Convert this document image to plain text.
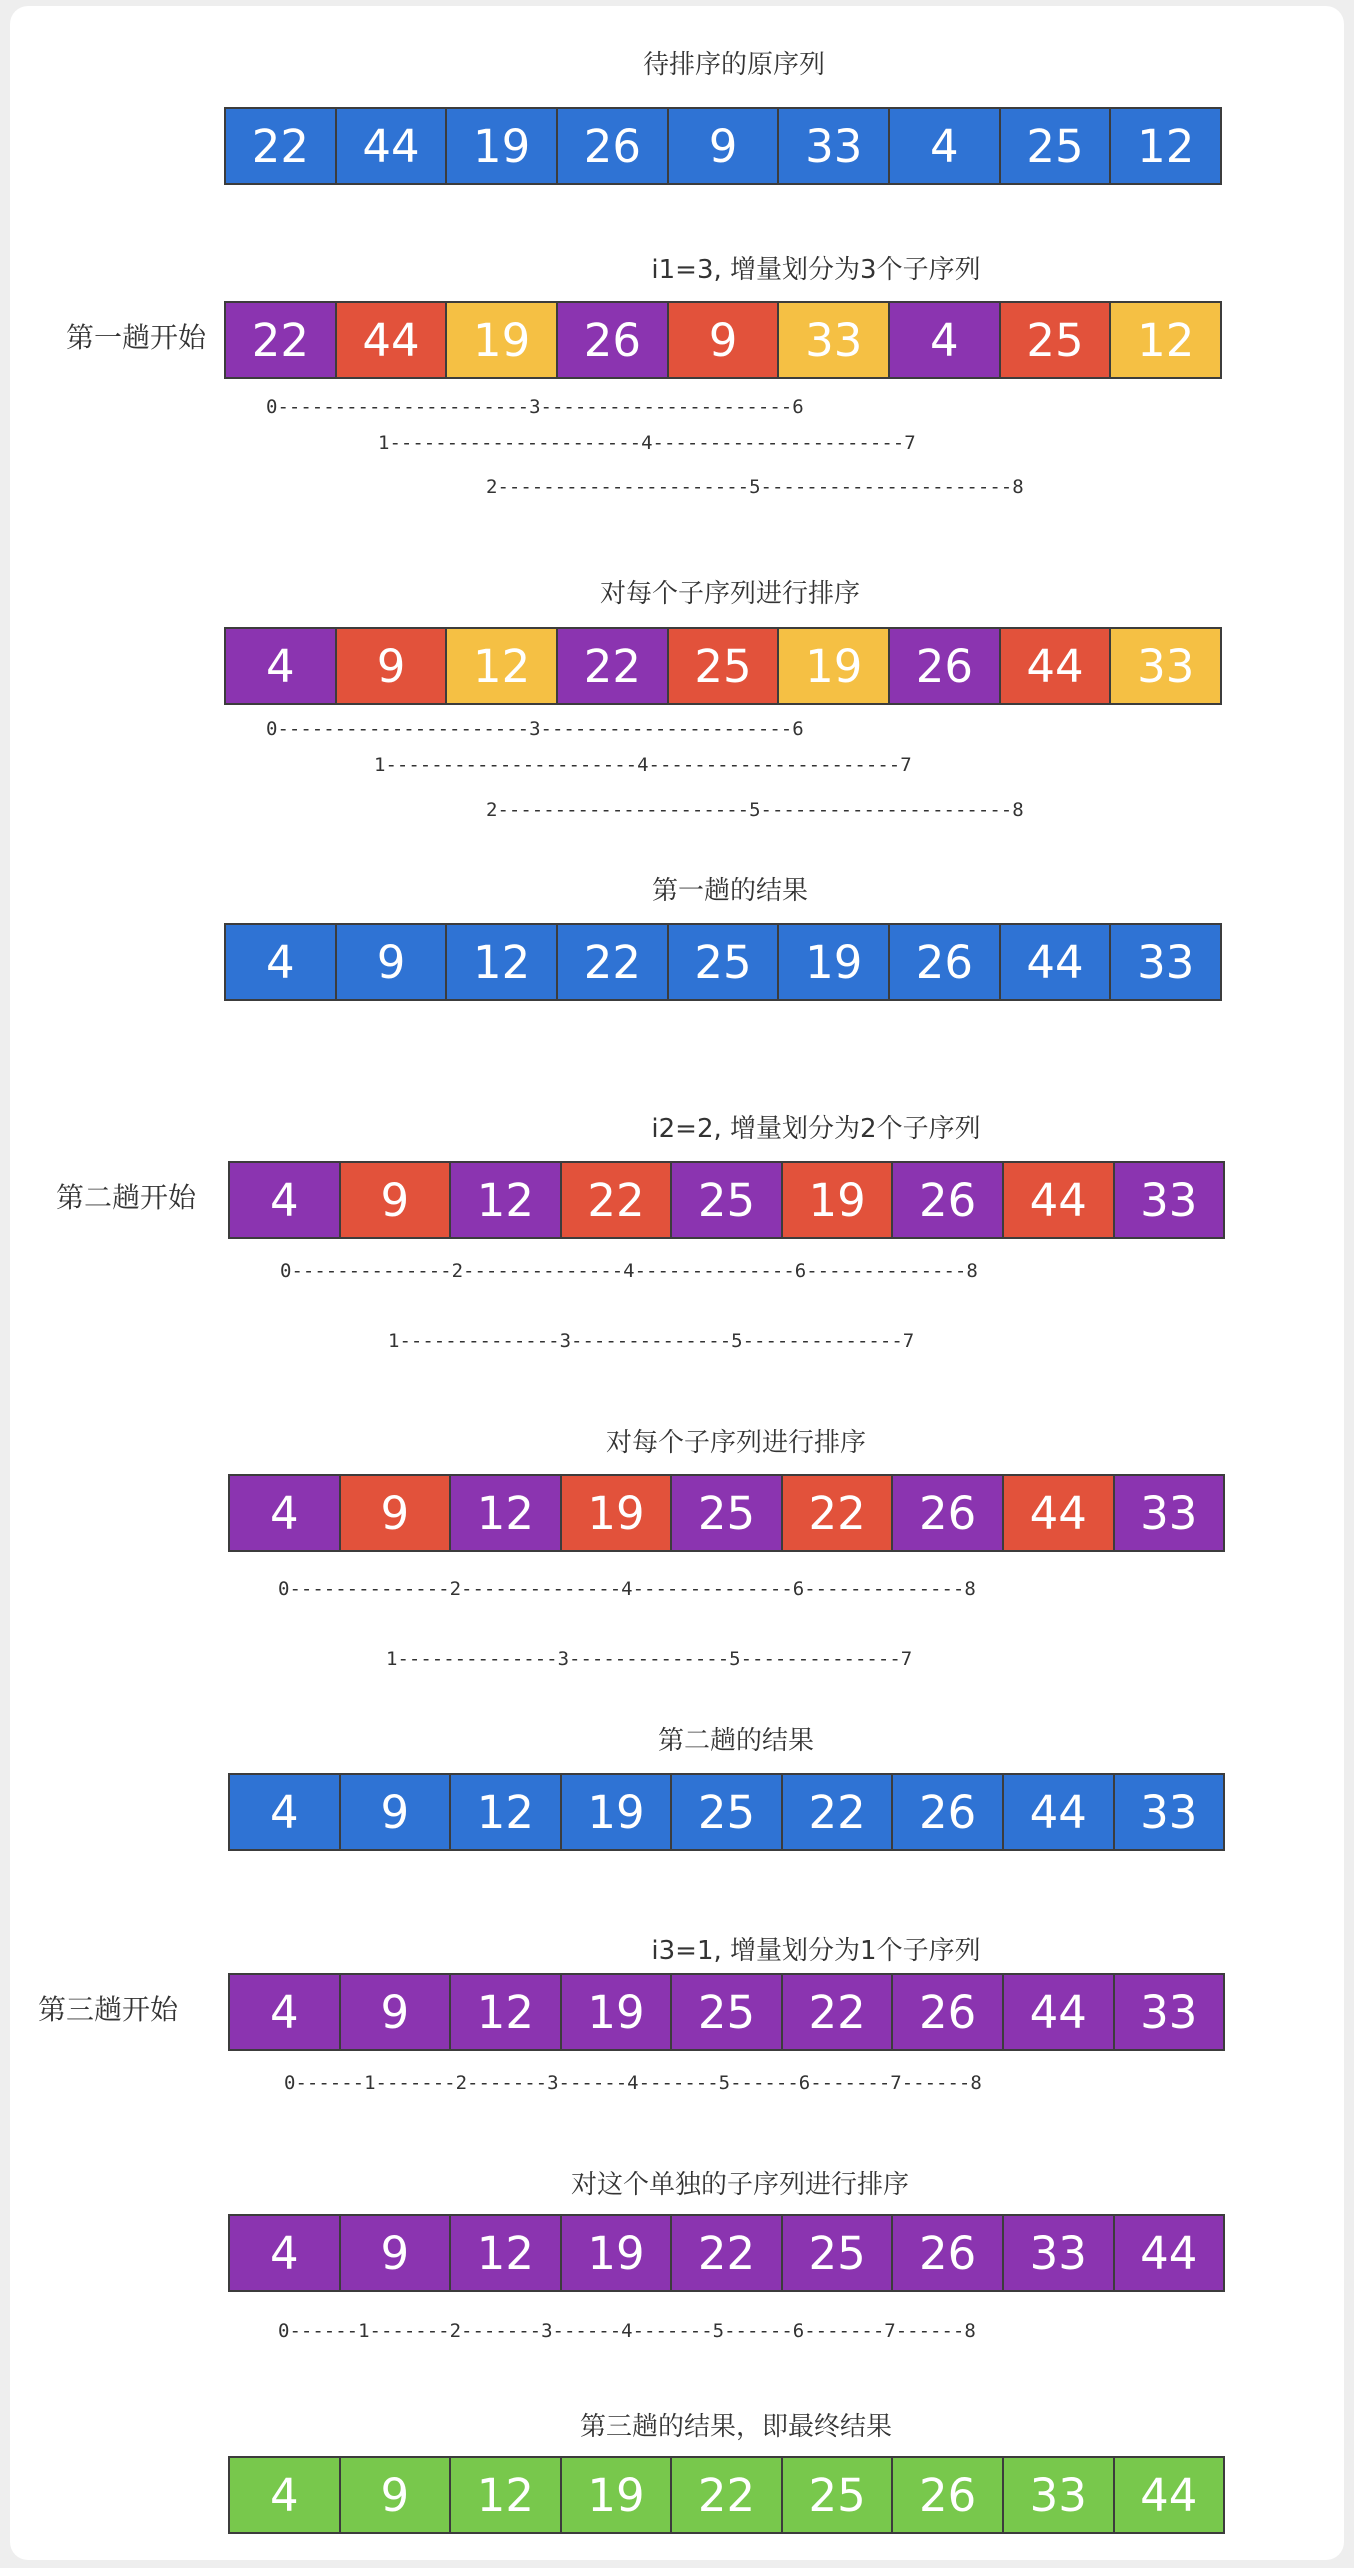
待排序的原序列
22	44	19	26	9	33	4	25	12
i1=3, 增量划分为3个子序列
第一趟开始	22	44	19	26	9	33	4	25	12
0----------------------3----------------------6
1----------------------4----------------------7
2----------------------5----------------------8
对每个子序列进行排序
4	9	12	22	25	19	26	44	33
0----------------------3----------------------6
1----------------------4----------------------7
2----------------------5----------------------8
第一趟的结果
4	9	12	22	25	19	26	44	33
i2=2, 增量划分为2个子序列
第二趟开始	4	9	12	22	25	19	26	44	33
0--------------2--------------4--------------6--------------8
1--------------3--------------5--------------7
对每个子序列进行排序
4	9	12	19	25	22	26	44	33
0--------------2--------------4--------------6--------------8
1--------------3--------------5--------------7
第二趟的结果
4	9	12	19	25	22	26	44	33
i3=1, 增量划分为1个子序列
第三趟开始	4	9	12	19	25	22	26	44	33
0------1-------2-------3------4-------5------6-------7------8
对这个单独的子序列进行排序
4	9	12	19	22	25	26	33	44
0------1-------2-------3------4-------5------6-------7------8
第三趟的结果，即最终结果
4	9	12	19	22	25	26	33	44
